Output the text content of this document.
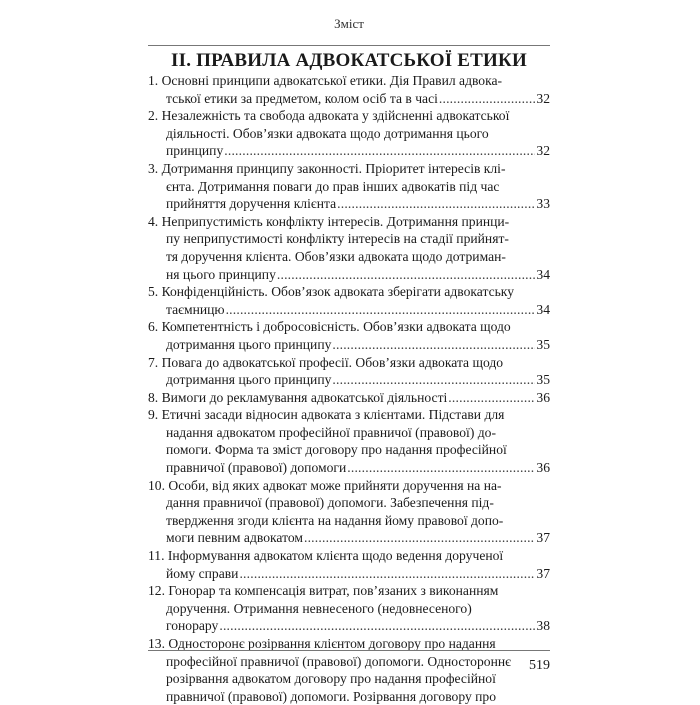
Зміст
II. ПРАВИЛА АДВОКАТСЬКОЇ ЕТИКИ
1. Основні принципи адвокатської етики. Дія Правил адвока-
тської етики за предметом, колом осіб та в часі .....	32
2. Незалежність та свобода адвоката у здійсненні адвокатської
діяльності. Обов’язки адвоката щодо дотримання цього
принципу .....	32
3. Дотримання принципу законності. Пріоритет інтересів клі-
єнта. Дотримання поваги до прав інших адвокатів під час
прийняття доручення клієнта .....	33
4. Неприпустимість конфлікту інтересів. Дотримання принци-
пу неприпустимості конфлікту інтересів на стадії прийнят-
тя доручення клієнта. Обов’язки адвоката щодо дотриман-
ня цього принципу .....	34
5. Конфіденційність. Обов’язок адвоката зберігати адвокатську
таємницю .....	34
6. Компетентність і добросовісність. Обов’язки адвоката щодо
дотримання цього принципу .....	35
7. Повага до адвокатської професії. Обов’язки адвоката щодо
дотримання цього принципу .....	35
8. Вимоги до рекламування адвокатської діяльності .....	36
9. Етичні засади відносин адвоката з клієнтами. Підстави для
надання адвокатом професійної правничої (правової) до-
помоги. Форма та зміст договору про надання професійної
правничої (правової) допомоги .....	36
10. Особи, від яких адвокат може прийняти доручення на на-
дання правничої (правової) допомоги. Забезпечення під-
твердження згоди клієнта на надання йому правової допо-
моги певним адвокатом .....	37
11. Інформування адвокатом клієнта щодо ведення дорученої
йому справи .....	37
12. Гонорар та компенсація витрат, пов’язаних з виконанням
доручення. Отримання невнесеного (недовнесеного)
гонорару .....	38
13. Односторонє розірвання клієнтом договору про надання
професійної правничої (правової) допомоги. Одностороннє
розірвання адвокатом договору про надання професійної
правничої (правової) допомоги. Розірвання договору про
519
